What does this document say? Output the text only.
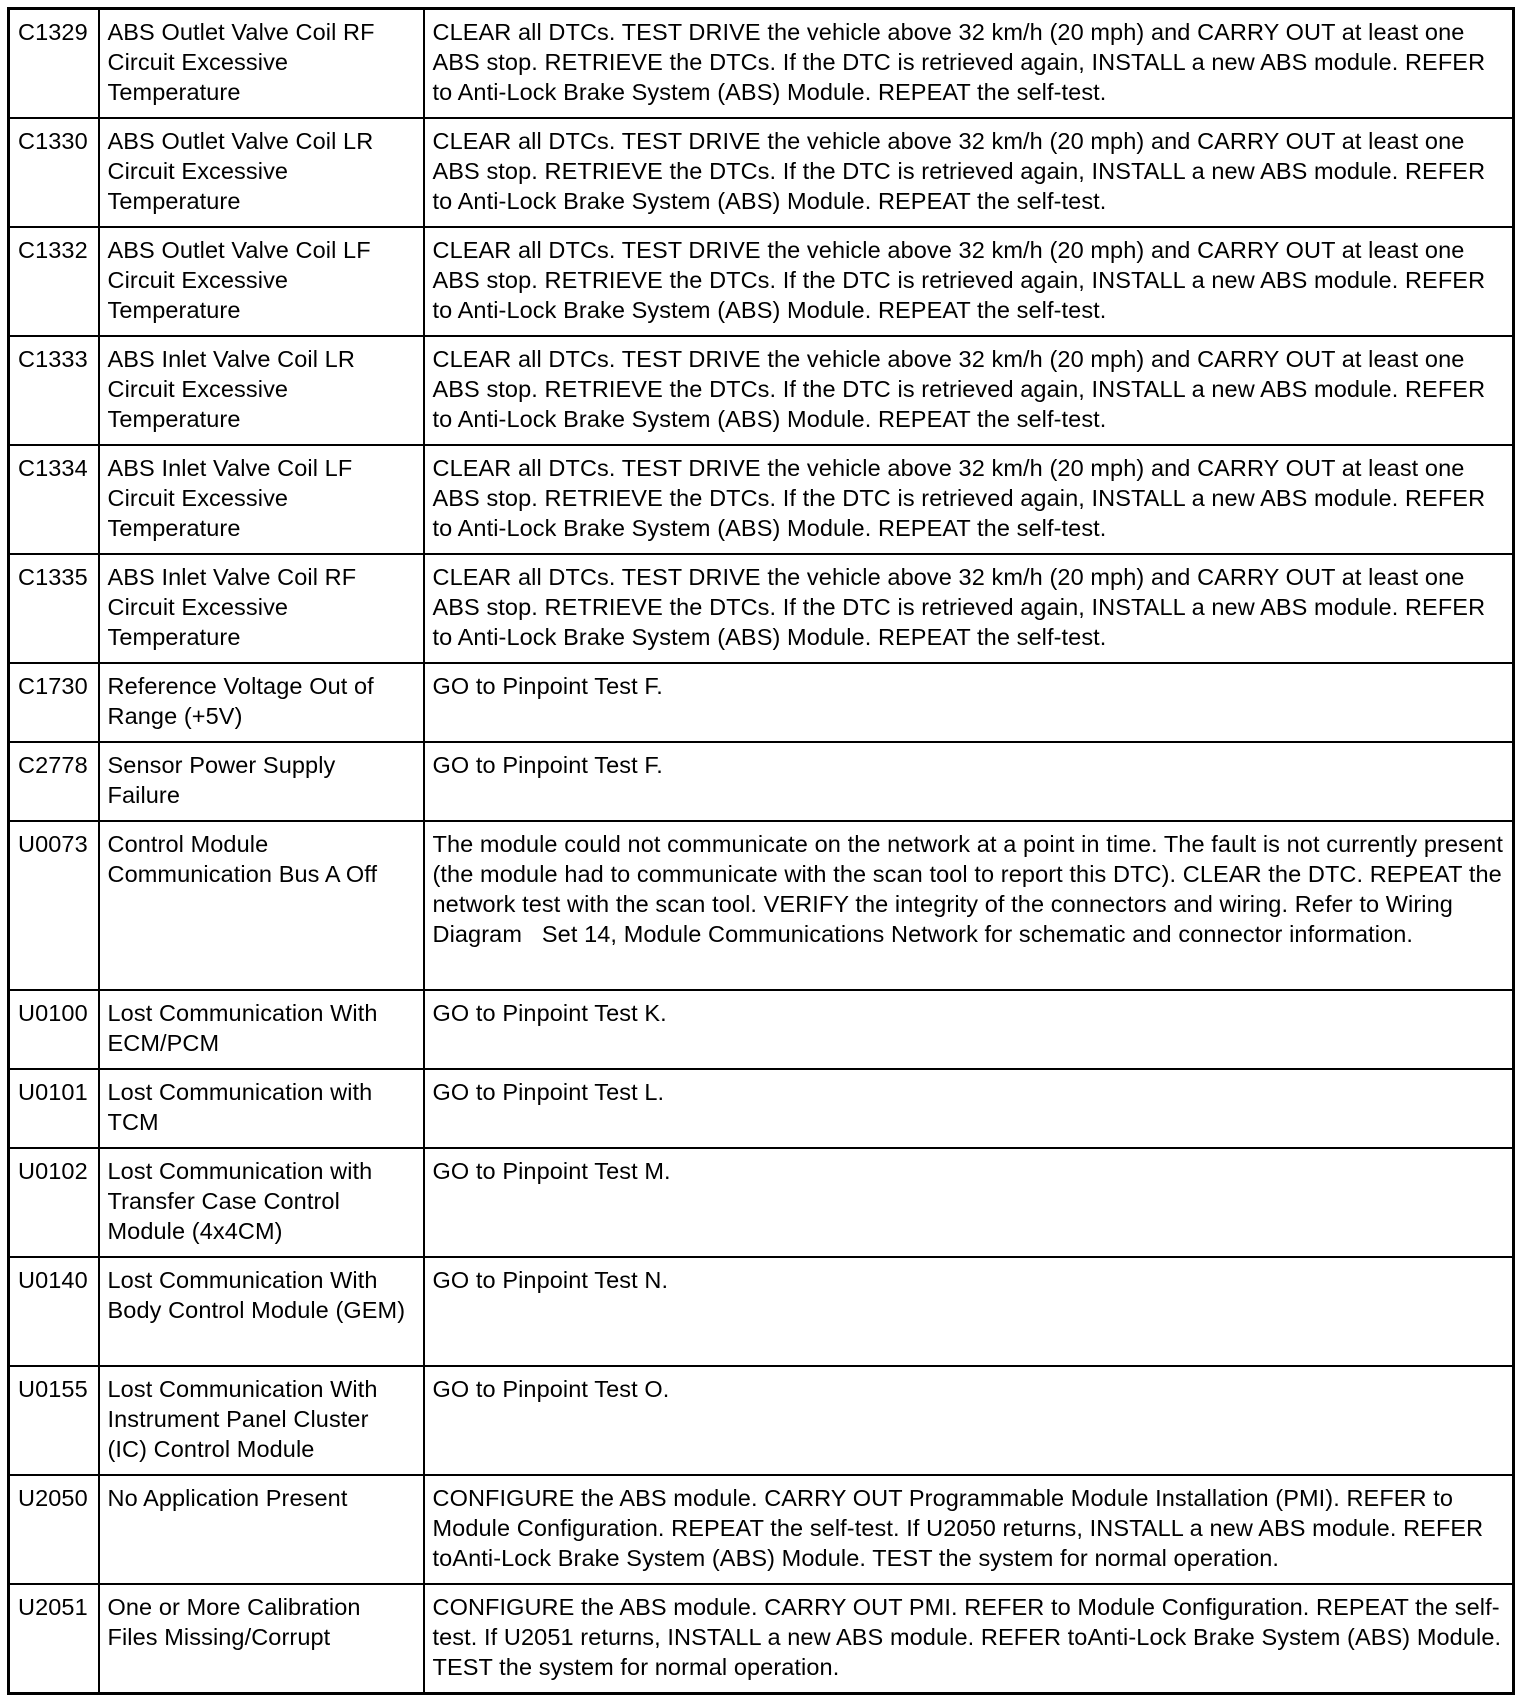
C1329	ABS Outlet Valve Coil RF Circuit Excessive Temperature	CLEAR all DTCs. TEST DRIVE the vehicle above 32 km/h (20 mph) and CARRY OUT at least one ABS stop. RETRIEVE the DTCs. If the DTC is retrieved again, INSTALL a new ABS module. REFER to Anti-Lock Brake System (ABS) Module. REPEAT the self-test.
C1330	ABS Outlet Valve Coil LR Circuit Excessive Temperature	CLEAR all DTCs. TEST DRIVE the vehicle above 32 km/h (20 mph) and CARRY OUT at least one ABS stop. RETRIEVE the DTCs. If the DTC is retrieved again, INSTALL a new ABS module. REFER to Anti-Lock Brake System (ABS) Module. REPEAT the self-test.
C1332	ABS Outlet Valve Coil LF Circuit Excessive Temperature	CLEAR all DTCs. TEST DRIVE the vehicle above 32 km/h (20 mph) and CARRY OUT at least one ABS stop. RETRIEVE the DTCs. If the DTC is retrieved again, INSTALL a new ABS module. REFER to Anti-Lock Brake System (ABS) Module. REPEAT the self-test.
C1333	ABS Inlet Valve Coil LR Circuit Excessive Temperature	CLEAR all DTCs. TEST DRIVE the vehicle above 32 km/h (20 mph) and CARRY OUT at least one ABS stop. RETRIEVE the DTCs. If the DTC is retrieved again, INSTALL a new ABS module. REFER to Anti-Lock Brake System (ABS) Module. REPEAT the self-test.
C1334	ABS Inlet Valve Coil LF Circuit Excessive Temperature	CLEAR all DTCs. TEST DRIVE the vehicle above 32 km/h (20 mph) and CARRY OUT at least one ABS stop. RETRIEVE the DTCs. If the DTC is retrieved again, INSTALL a new ABS module. REFER to Anti-Lock Brake System (ABS) Module. REPEAT the self-test.
C1335	ABS Inlet Valve Coil RF Circuit Excessive Temperature	CLEAR all DTCs. TEST DRIVE the vehicle above 32 km/h (20 mph) and CARRY OUT at least one ABS stop. RETRIEVE the DTCs. If the DTC is retrieved again, INSTALL a new ABS module. REFER to Anti-Lock Brake System (ABS) Module. REPEAT the self-test.
C1730	Reference Voltage Out of Range (+5V)	GO to Pinpoint Test F.
C2778	Sensor Power Supply Failure	GO to Pinpoint Test F.
U0073	Control Module Communication Bus A Off	The module could not communicate on the network at a point in time. The fault is not currently present (the module had to communicate with the scan tool to report this DTC). CLEAR the DTC. REPEAT the network test with the scan tool. VERIFY the integrity of the connectors and wiring. Refer to Wiring Diagram   Set 14, Module Communications Network for schematic and connector information.
U0100	Lost Communication With ECM/PCM	GO to Pinpoint Test K.
U0101	Lost Communication with TCM	GO to Pinpoint Test L.
U0102	Lost Communication with Transfer Case Control Module (4x4CM)	GO to Pinpoint Test M.
U0140	Lost Communication With Body Control Module (GEM)	GO to Pinpoint Test N.
U0155	Lost Communication With Instrument Panel Cluster (IC) Control Module	GO to Pinpoint Test O.
U2050	No Application Present	CONFIGURE the ABS module. CARRY OUT Programmable Module Installation (PMI). REFER to Module Configuration. REPEAT the self-test. If U2050 returns, INSTALL a new ABS module. REFER toAnti-Lock Brake System (ABS) Module. TEST the system for normal operation.
U2051	One or More Calibration Files Missing/Corrupt	CONFIGURE the ABS module. CARRY OUT PMI. REFER to Module Configuration. REPEAT the self-test. If U2051 returns, INSTALL a new ABS module. REFER toAnti-Lock Brake System (ABS) Module. TEST the system for normal operation.
